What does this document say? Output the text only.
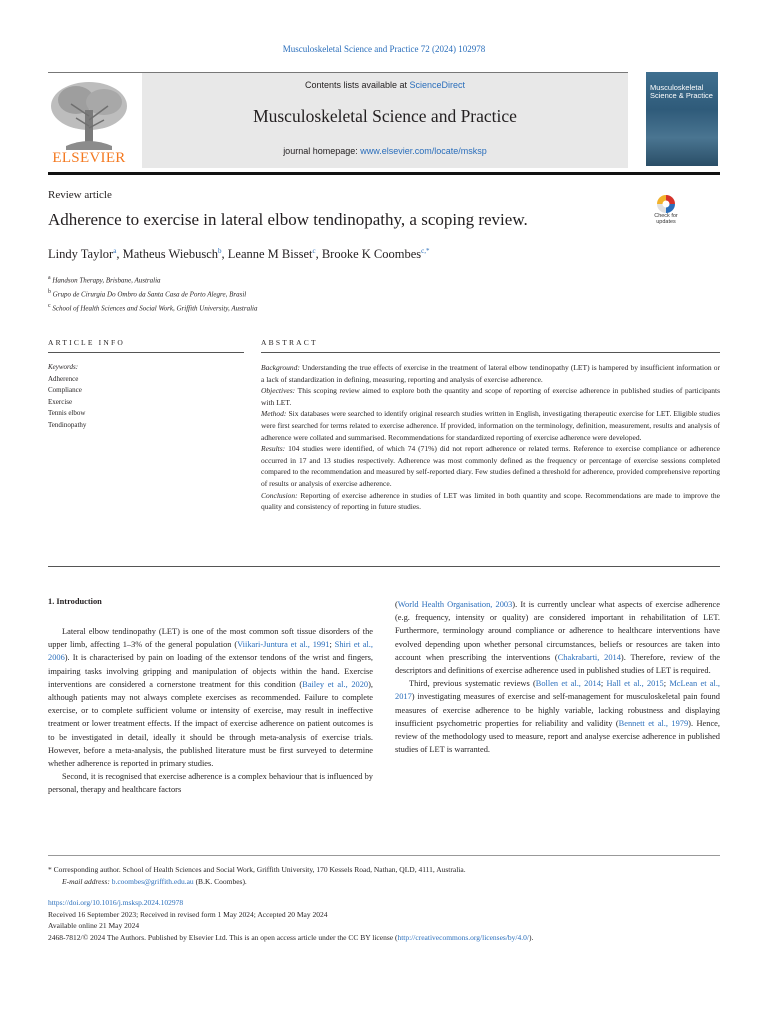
Musculoskeletal Science and Practice 72 (2024) 102978
Contents lists available at ScienceDirect
Musculoskeletal Science and Practice
journal homepage: www.elsevier.com/locate/msksp
ELSEVIER
Musculoskeletal Science & Practice
Review article
Adherence to exercise in lateral elbow tendinopathy, a scoping review.	Check for updates
Lindy Taylor$^a$, Matheus Wiebusch$^b$, Leanne M Bisset$^c$, Brooke K Coombes$^{c,*}$
$^a$ Handson Therapy, Brisbane, Australia
$^b$ Grupo de Cirurgia Do Ombro da Santa Casa de Porto Alegre, Brasil
$^c$ School of Health Sciences and Social Work, Griffith University, Australia
ARTICLE INFO	ABSTRACT
Keywords:
Adherence
Compliance
Exercise
Tennis elbow
Tendinopathy

Background: Understanding the true effects of exercise in the treatment of lateral elbow tendinopathy (LET) is hampered by insufficient information or a lack of standardization in defining, measuring, reporting and analysis of exercise adherence.

Objectives: This scoping review aimed to explore both the quantity and scope of reporting of exercise adherence in published studies of participants with LET.

Method: Six databases were searched to identify original research studies written in English, investigating therapeutic exercise for LET. Eligible studies were first searched for terms related to exercise adherence. If provided, information on the terminology, definition, measurement, results and analysis of adherence were collated and summarised. Recommendations for standardized reporting of exercise adherence were developed.

Results: 104 studies were identified, of which 74 (71%) did not report adherence or related terms. Reference to exercise compliance or adherence occurred in 17 and 13 studies respectively. Adherence was most commonly defined as the frequency or percentage of exercise sessions completed compared to the recommendation and measured by self-reported diary. Few studies defined a threshold for adherence, provided comprehensive reporting of results or analysis of exercise adherence.

Conclusion: Reporting of exercise adherence in studies of LET was limited in both quantity and scope. Recommendations are made to improve the quality and consistency of reporting in future studies.

1. Introduction

Lateral elbow tendinopathy (LET) is one of the most common soft tissue disorders of the upper limb, affecting 1–3% of the general population (Viikari-Juntura et al., 1991; Shiri et al., 2006). It is characterised by pain on loading of the extensor tendons of the wrist and fingers, impairing tasks involving gripping and manipulation of objects within the hand. Exercise interventions are considered a cornerstone treatment for this condition (Bailey et al., 2020), although patients may not always complete exercises as recommended. Failure to complete exercise, or to complete sufficient volume or intensity of exercise, may result in ineffective treatment or lower treatment effects. If the impact of exercise adherence on patient outcomes is to be investigated in detail, ideally it should be through meta-analysis of exercise trials. However, before a meta-analysis, the published literature must be first surveyed to determine whether adherence is reported in primary studies.

Second, it is recognised that exercise adherence is a complex behaviour that is influenced by personal, therapy and healthcare factors

(World Health Organisation, 2003). It is currently unclear what aspects of exercise adherence (e.g. frequency, intensity or quality) are considered important in rehabilitation of LET. Furthermore, terminology around compliance or adherence to healthcare interventions have evolved depending upon whether personal circumstances, beliefs or resources are taken into account when prescribing the interventions (Chakrabarti, 2014). Therefore, review of the descriptors and definitions of exercise adherence used in published studies of LET is required.

Third, previous systematic reviews (Bollen et al., 2014; Hall et al., 2015; McLean et al., 2017) investigating measures of exercise and self-management for musculoskeletal pain found measures of exercise adherence to be highly variable, lacking robustness and displaying insufficient psychometric properties for reliability and validity (Bennett et al., 1979). Hence, review of the methodology used to measure, report and analyse exercise adherence in published studies of LET is warranted.

* Corresponding author. School of Health Sciences and Social Work, Griffith University, 170 Kessels Road, Nathan, QLD, 4111, Australia.
E-mail address: b.coombes@griffith.edu.au (B.K. Coombes).
https://doi.org/10.1016/j.msksp.2024.102978
Received 16 September 2023; Received in revised form 1 May 2024; Accepted 20 May 2024
Available online 21 May 2024
2468-7812/© 2024 The Authors. Published by Elsevier Ltd. This is an open access article under the CC BY license (http://creativecommons.org/licenses/by/4.0/).
